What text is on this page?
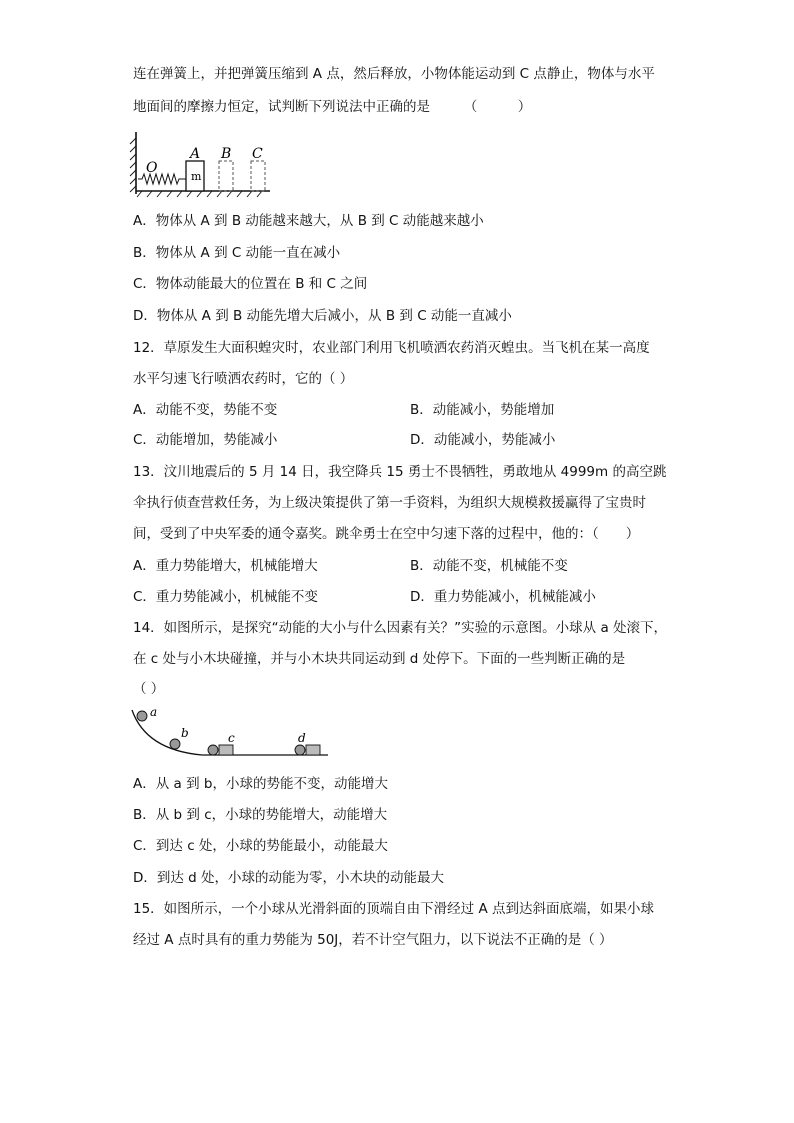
连在弹簧上，并把弹簧压缩到 A 点，然后释放，小物体能运动到 C 点静止，物体与水平
地面间的摩擦力恒定，试判断下列说法中正确的是　　　（　　　）
m
O
A B C
A．物体从 A 到 B 动能越来越大，从 B 到 C 动能越来越小
B．物体从 A 到 C 动能一直在减小
C．物体动能最大的位置在 B 和 C 之间
D．物体从 A 到 B 动能先增大后减小，从 B 到 C 动能一直减小
12．草原发生大面积蝗灾时，农业部门利用飞机喷洒农药消灭蝗虫。当飞机在某一高度
水平匀速飞行喷洒农药时，它的（ ）
A．动能不变，势能不变	B．动能减小，势能增加
C．动能增加，势能减小	D．动能减小，势能减小
13．汶川地震后的 5 月 14 日，我空降兵 15 勇士不畏牺牲，勇敢地从 4999m 的高空跳
伞执行侦查营救任务，为上级决策提供了第一手资料，为组织大规模救援赢得了宝贵时
间，受到了中央军委的通令嘉奖。跳伞勇士在空中匀速下落的过程中，他的：（　　）
A．重力势能增大，机械能增大	B．动能不变，机械能不变
C．重力势能减小，机械能不变	D．重力势能减小，机械能减小
14．如图所示，是探究“动能的大小与什么因素有关？”实验的示意图。小球从 a 处滚下，
在 c 处与小木块碰撞，并与小木块共同运动到 d 处停下。下面的一些判断正确的是
（ ）
a
b	c	d
A．从 a 到 b，小球的势能不变，动能增大
B．从 b 到 c，小球的势能增大，动能增大
C．到达 c 处，小球的势能最小，动能最大
D．到达 d 处，小球的动能为零，小木块的动能最大
15．如图所示，一个小球从光滑斜面的顶端自由下滑经过 A 点到达斜面底端，如果小球
经过 A 点时具有的重力势能为 50J，若不计空气阻力，以下说法不正确的是（ ）
